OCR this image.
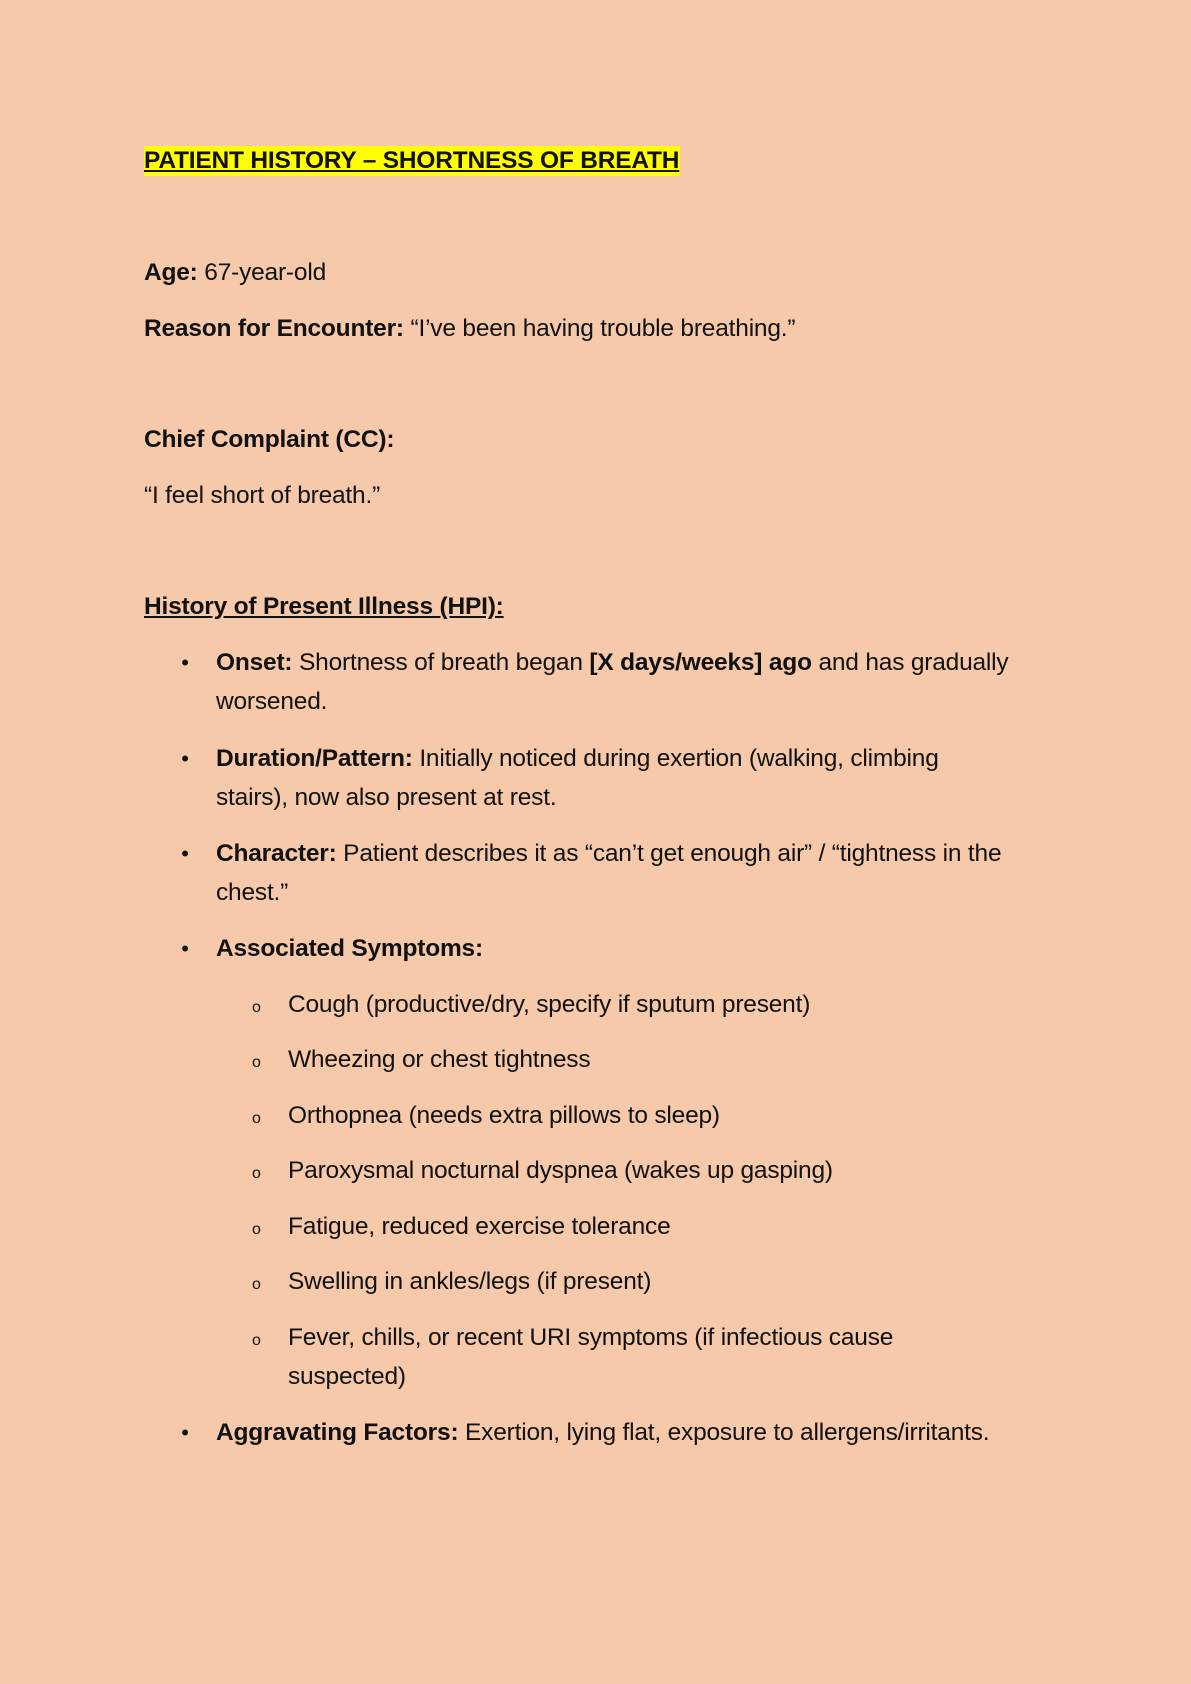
PATIENT HISTORY – SHORTNESS OF BREATH
Age: 67-year-old
Reason for Encounter: “I’ve been having trouble breathing.”
Chief Complaint (CC):
“I feel short of breath.”
History of Present Illness (HPI):
• Onset: Shortness of breath began [X days/weeks] ago and has gradually worsened.
• Duration/Pattern: Initially noticed during exertion (walking, climbing stairs), now also present at rest.
• Character: Patient describes it as “can’t get enough air” / “tightness in the chest.”
• Associated Symptoms:
o Cough (productive/dry, specify if sputum present)
o Wheezing or chest tightness
o Orthopnea (needs extra pillows to sleep)
o Paroxysmal nocturnal dyspnea (wakes up gasping)
o Fatigue, reduced exercise tolerance
o Swelling in ankles/legs (if present)
o Fever, chills, or recent URI symptoms (if infectious cause suspected)
• Aggravating Factors: Exertion, lying flat, exposure to allergens/irritants.
